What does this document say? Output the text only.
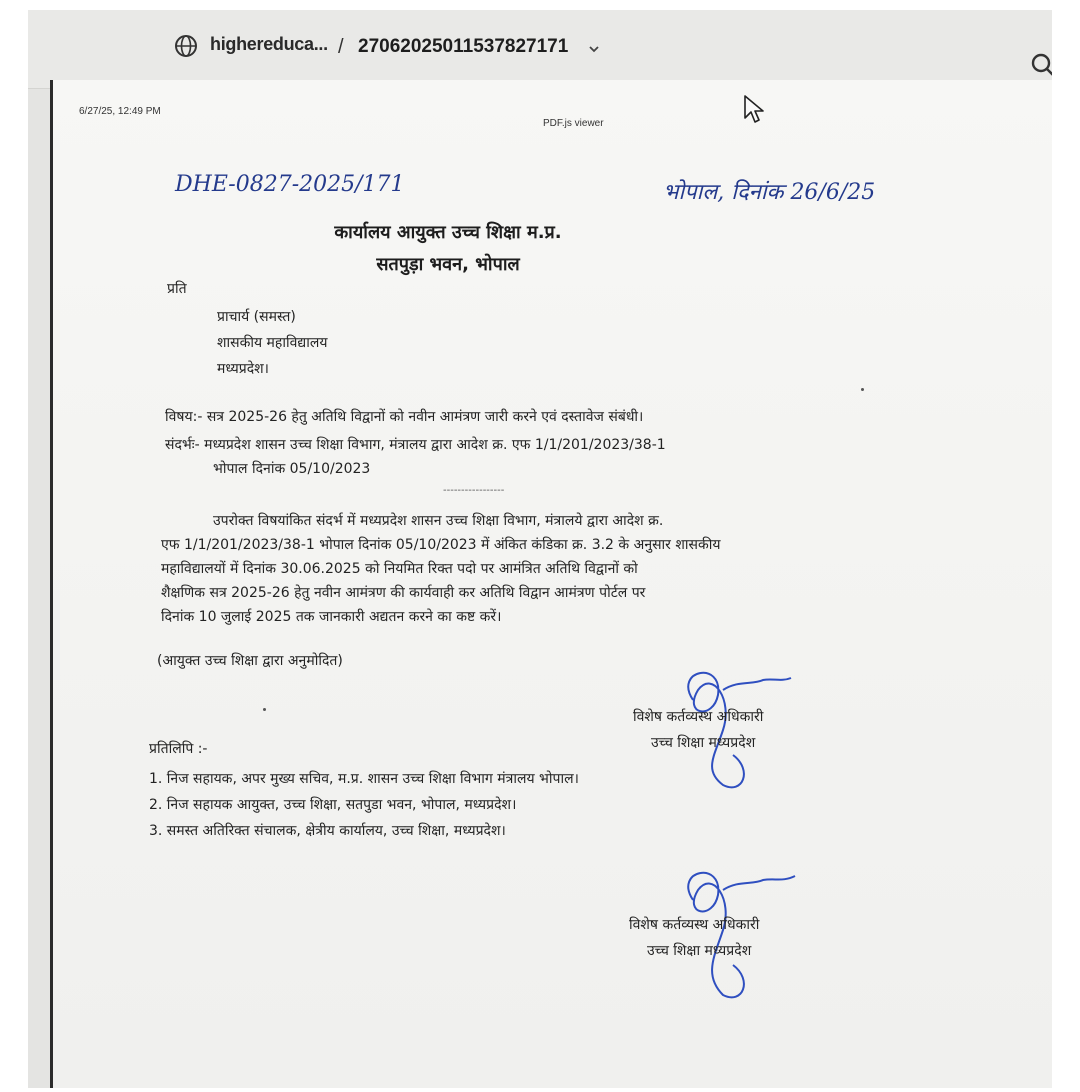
highereduca... / 27062025011537827171
6/27/25, 12:49 PM
PDF.js viewer
DHE-0827-2025/171	भोपाल, दिनांक 26/6/25
कार्यालय आयुक्त उच्च शिक्षा म.प्र.
सतपुड़ा भवन, भोपाल
प्रति
प्राचार्य (समस्त)
शासकीय महाविद्यालय
मध्यप्रदेश।
विषय:- सत्र 2025-26 हेतु अतिथि विद्वानों को नवीन आमंत्रण जारी करने एवं दस्तावेज संबंधी।
संदर्भः- मध्यप्रदेश शासन उच्च शिक्षा विभाग, मंत्रालय द्वारा आदेश क्र. एफ 1/1/201/2023/38-1
भोपाल दिनांक 05/10/2023
-----------------
उपरोक्त विषयांकित संदर्भ में मध्यप्रदेश शासन उच्च शिक्षा विभाग, मंत्रालये द्वारा आदेश क्र.
एफ 1/1/201/2023/38-1 भोपाल दिनांक 05/10/2023 में अंकित कंडिका क्र. 3.2 के अनुसार शासकीय
महाविद्यालयों में दिनांक 30.06.2025 को नियमित रिक्त पदो पर आमंत्रित अतिथि विद्वानों को
शैक्षणिक सत्र 2025-26 हेतु नवीन आमंत्रण की कार्यवाही कर अतिथि विद्वान आमंत्रण पोर्टल पर
दिनांक 10 जुलाई 2025 तक जानकारी अद्यतन करने का कष्ट करें।
(आयुक्त उच्च शिक्षा द्वारा अनुमोदित)
विशेष कर्तव्यस्थ अधिकारी
उच्च शिक्षा मध्यप्रदेश
प्रतिलिपि :-
1. निज सहायक, अपर मुख्य सचिव, म.प्र. शासन उच्च शिक्षा विभाग मंत्रालय भोपाल।
2. निज सहायक आयुक्त, उच्च शिक्षा, सतपुडा भवन, भोपाल, मध्यप्रदेश।
3. समस्त अतिरिक्त संचालक, क्षेत्रीय कार्यालय, उच्च शिक्षा, मध्यप्रदेश।
विशेष कर्तव्यस्थ अधिकारी
उच्च शिक्षा मध्यप्रदेश
